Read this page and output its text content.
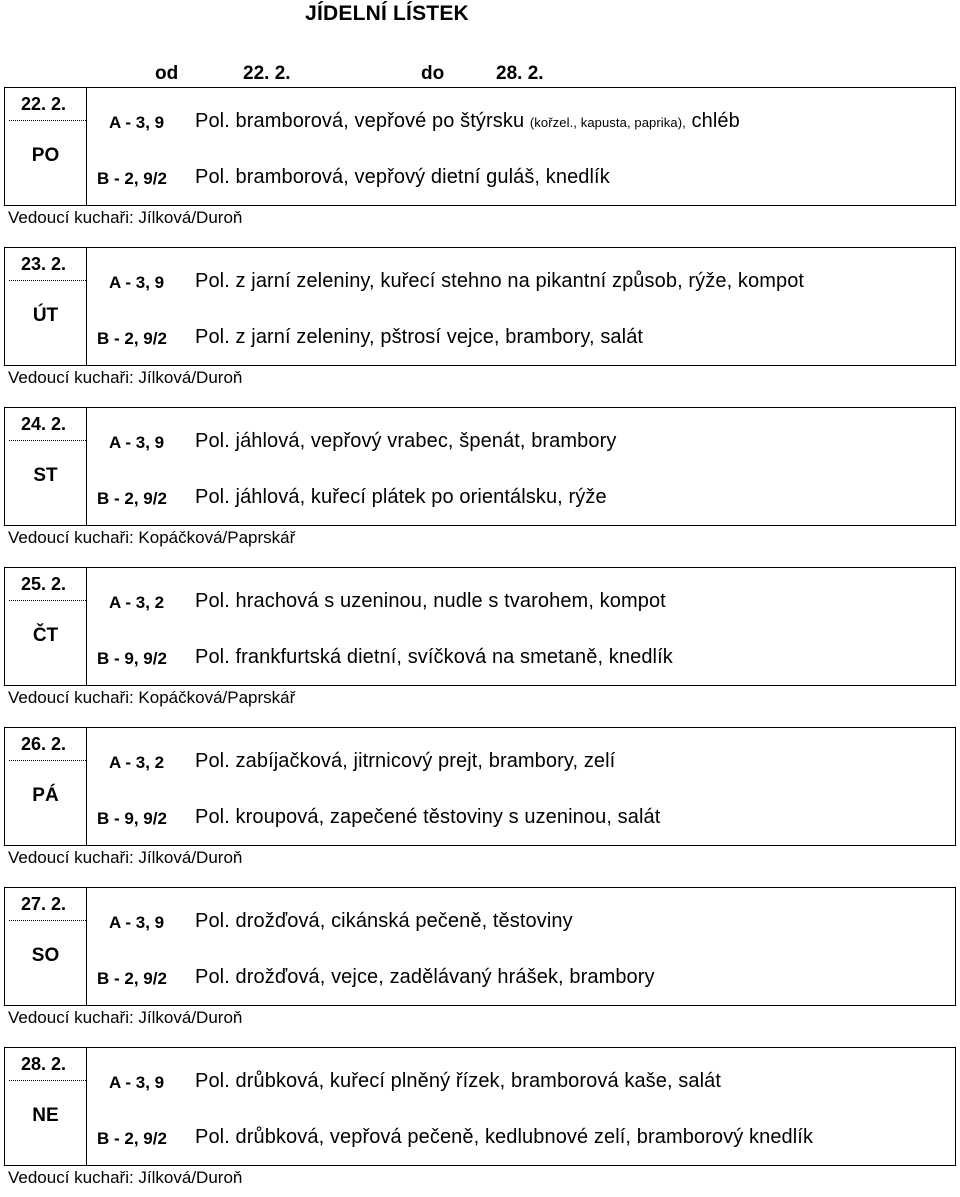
JÍDELNÍ LÍSTEK
od	22. 2.	do	28. 2.
22. 2.
PO
A - 3, 9	Pol. bramborová, vepřové po štýrsku (kořzel., kapusta, paprika), chléb
B - 2, 9/2	Pol. bramborová, vepřový dietní guláš, knedlík
Vedoucí kuchaři: Jílková/Duroň
23. 2.
ÚT
A - 3, 9	Pol. z jarní zeleniny, kuřecí stehno na pikantní způsob, rýže, kompot
B - 2, 9/2	Pol. z jarní zeleniny, pštrosí vejce, brambory, salát
Vedoucí kuchaři: Jílková/Duroň
24. 2.
ST
A - 3, 9	Pol. jáhlová, vepřový vrabec, špenát, brambory
B - 2, 9/2	Pol. jáhlová, kuřecí plátek po orientálsku, rýže
Vedoucí kuchaři: Kopáčková/Paprskář
25. 2.
ČT
A - 3, 2	Pol. hrachová s uzeninou, nudle s tvarohem, kompot
B - 9, 9/2	Pol. frankfurtská dietní, svíčková na smetaně, knedlík
Vedoucí kuchaři: Kopáčková/Paprskář
26. 2.
PÁ
A - 3, 2	Pol. zabíjačková, jitrnicový prejt, brambory, zelí
B - 9, 9/2	Pol. kroupová, zapečené těstoviny s uzeninou, salát
Vedoucí kuchaři: Jílková/Duroň
27. 2.
SO
A - 3, 9	Pol. drožďová, cikánská pečeně, těstoviny
B - 2, 9/2	Pol. drožďová, vejce, zadělávaný hrášek, brambory
Vedoucí kuchaři: Jílková/Duroň
28. 2.
NE
A - 3, 9	Pol. drůbková, kuřecí plněný řízek, bramborová kaše, salát
B - 2, 9/2	Pol. drůbková, vepřová pečeně, kedlubnové zelí, bramborový knedlík
Vedoucí kuchaři: Jílková/Duroň
